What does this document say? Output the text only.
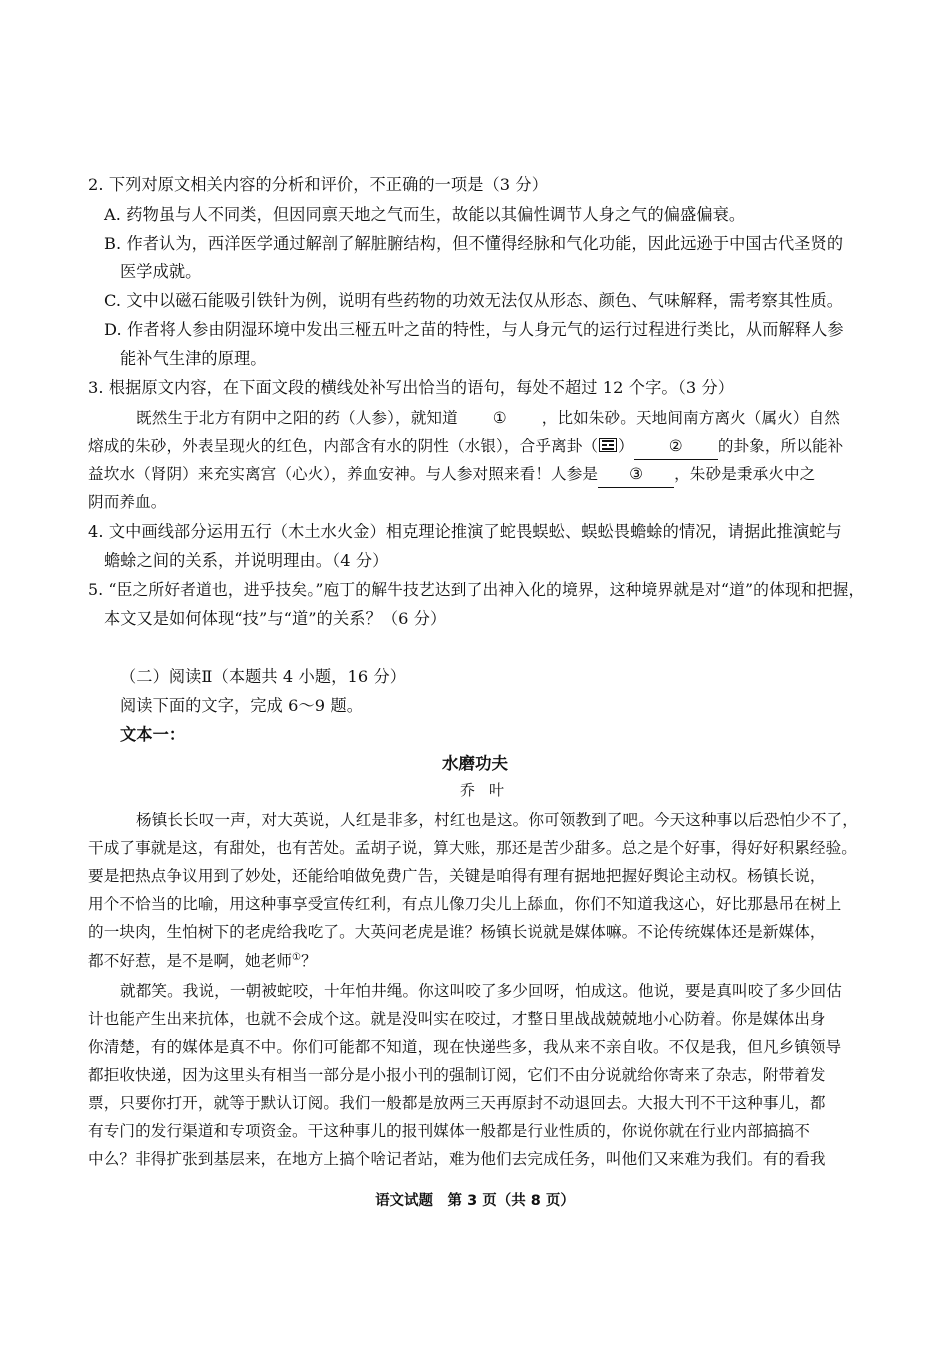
2. 下列对原文相关内容的分析和评价，不正确的一项是（3 分）
A. 药物虽与人不同类，但因同禀天地之气而生，故能以其偏性调节人身之气的偏盛偏衰。
B. 作者认为，西洋医学通过解剖了解脏腑结构，但不懂得经脉和气化功能，因此远逊于中国古代圣贤的
医学成就。
C. 文中以磁石能吸引铁针为例，说明有些药物的功效无法仅从形态、颜色、气味解释，需考察其性质。
D. 作者将人参由阴湿环境中发出三桠五叶之苗的特性，与人身元气的运行过程进行类比，从而解释人参
能补气生津的原理。
3. 根据原文内容，在下面文段的横线处补写出恰当的语句，每处不超过 12 个字。（3 分）
既然生于北方有阴中之阳的药（人参），就知道 ① ，比如朱砂。天地间南方离火（属火）自然
熔成的朱砂，外表呈现火的红色，内部含有水的阴性（水银），合乎离卦（ ） ② 的卦象，所以能补
益坎水（肾阴）来充实离宫（心火），养血安神。与人参对照来看！人参是 ③ ，朱砂是秉承火中之
阴而养血。
4. 文中画线部分运用五行（木土水火金）相克理论推演了蛇畏蜈蚣、蜈蚣畏蟾蜍的情况，请据此推演蛇与
蟾蜍之间的关系，并说明理由。（4 分）
5. “臣之所好者道也，进乎技矣。”庖丁的解牛技艺达到了出神入化的境界，这种境界就是对“道”的体现和把握，
本文又是如何体现“技”与“道”的关系？（6 分）
（二）阅读Ⅱ（本题共 4 小题，16 分）
阅读下面的文字，完成 6～9 题。
文本一：
水磨功夫
乔叶
杨镇长长叹一声，对大英说，人红是非多，村红也是这。你可领教到了吧。今天这种事以后恐怕少不了，
干成了事就是这，有甜处，也有苦处。孟胡子说，算大账，那还是苦少甜多。总之是个好事，得好好积累经验。
要是把热点争议用到了妙处，还能给咱做免费广告，关键是咱得有理有据地把握好舆论主动权。杨镇长说，
用个不恰当的比喻，用这种事享受宣传红利，有点儿像刀尖儿上舔血，你们不知道我这心，好比那悬吊在树上
的一块肉，生怕树下的老虎给我吃了。大英问老虎是谁？杨镇长说就是媒体嘛。不论传统媒体还是新媒体，
都不好惹，是不是啊，她老师①？
就都笑。我说，一朝被蛇咬，十年怕井绳。你这叫咬了多少回呀，怕成这。他说，要是真叫咬了多少回估
计也能产生出来抗体，也就不会成个这。就是没叫实在咬过，才整日里战战兢兢地小心防着。你是媒体出身
你清楚，有的媒体是真不中。你们可能都不知道，现在快递些多，我从来不亲自收。不仅是我，但凡乡镇领导
都拒收快递，因为这里头有相当一部分是小报小刊的强制订阅，它们不由分说就给你寄来了杂志，附带着发
票，只要你打开，就等于默认订阅。我们一般都是放两三天再原封不动退回去。大报大刊不干这种事儿，都
有专门的发行渠道和专项资金。干这种事儿的报刊媒体一般都是行业性质的，你说你就在行业内部搞搞不
中么？非得扩张到基层来，在地方上搞个啥记者站，难为他们去完成任务，叫他们又来难为我们。有的看我
语文试题　第 3 页（共 8 页）
